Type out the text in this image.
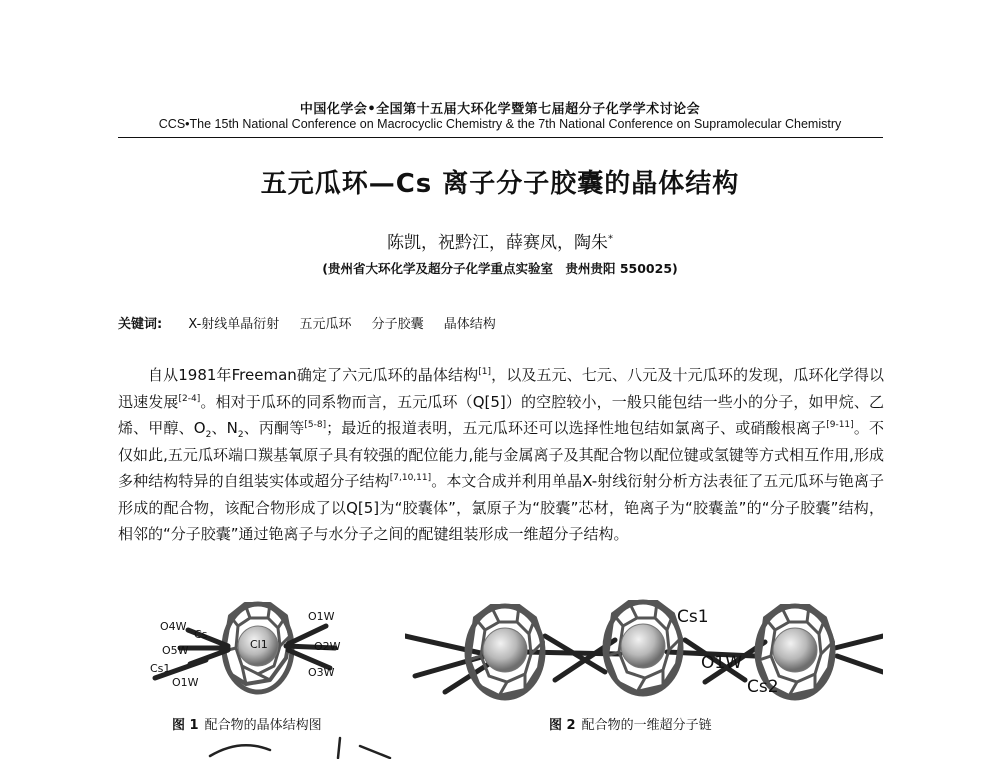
中国化学会•全国第十五届大环化学暨第七届超分子化学学术讨论会
CCS•The 15th National Conference on Macrocyclic Chemistry & the 7th National Conference on Supramolecular Chemistry
五元瓜环—Cs 离子分子胶囊的晶体结构
陈凯，祝黔江，薛赛凤，陶朱*
(贵州省大环化学及超分子化学重点实验室　贵州贵阳 550025)
关键词: X-射线单晶衍射 五元瓜环 分子胶囊 晶体结构

自从1981年Freeman确定了六元瓜环的晶体结构[1]，以及五元、七元、八元及十元瓜环的发现，瓜环化学得以迅速发展[2-4]。相对于瓜环的同系物而言，五元瓜环（Q[5]）的空腔较小，一般只能包结一些小的分子，如甲烷、乙烯、甲醇、$O_2$、$N_2$、丙酮等[5-8]；最近的报道表明，五元瓜环还可以选择性地包结如氯离子、或硝酸根离子[9-11]。不仅如此,五元瓜环端口羰基氧原子具有较强的配位能力,能与金属离子及其配合物以配位键或氢键等方式相互作用,形成多种结构特异的自组装实体或超分子结构[7,10,11]。本文合成并利用单晶X-射线衍射分析方法表征了五元瓜环与铯离子形成的配合物，该配合物形成了以Q[5]为“胶囊体”，氯原子为“胶囊”芯材，铯离子为“胶囊盖”的“分子胶囊”结构，相邻的“分子胶囊”通过铯离子与水分子之间的配键组装形成一维超分子结构。

O4W
Cs
O1W
Cl1
O5W	O2W
Cs1
O1W
O3W
Cs1
O1W
Cs2
图 1 配合物的晶体结构图	图 2 配合物的一维超分子链
